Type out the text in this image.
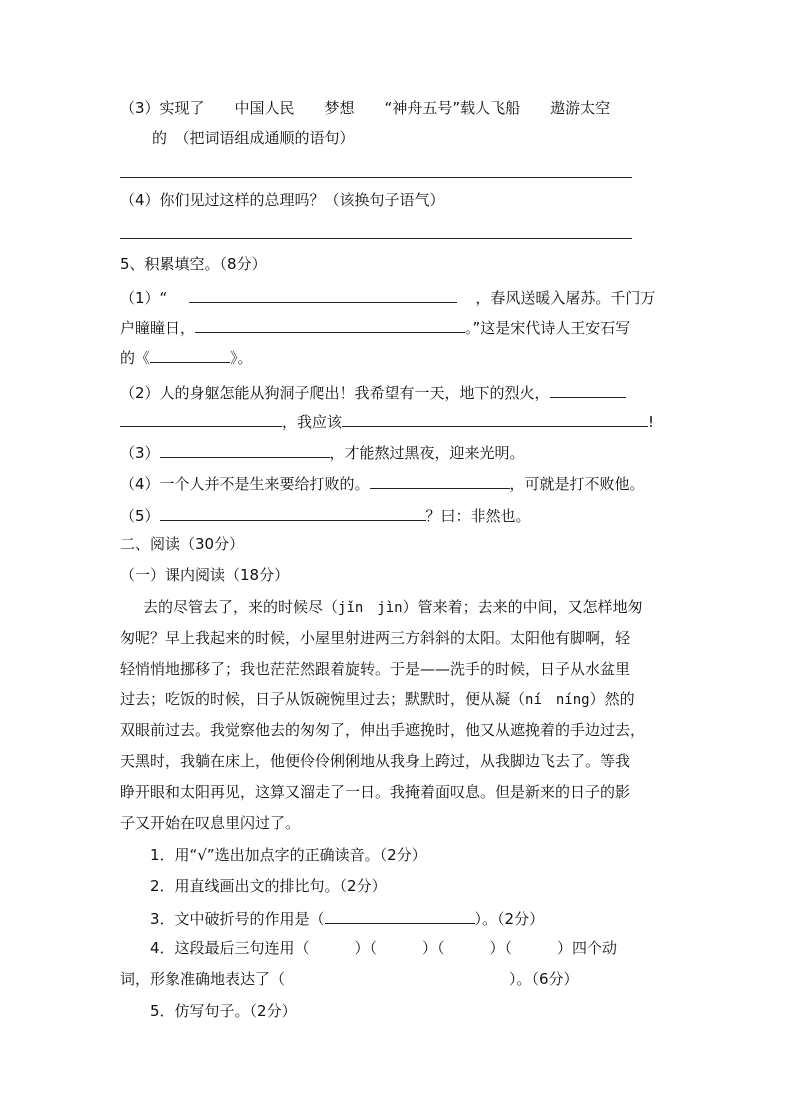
（3）实现了　　中国人民　　梦想　　“神舟五号”载人飞船　　遨游太空
的　（把词语组成通顺的语句）
（4）你们见过这样的总理吗？（该换句子语气）
5、积累填空。（8分）
（1）“	，春风送暖入屠苏。千门万
户瞳瞳日，	。”这是宋代诗人王安石写
的《	》。
（2）人的身躯怎能从狗洞子爬出！我希望有一天，地下的烈火，
，我应该	!
（3）	，才能熬过黑夜，迎来光明。
（4）一个人并不是生来要给打败的。	，可就是打不败他。
（5）	？曰：非然也。
二、阅读（30分）
（一）课内阅读（18分）
去的尽管去了，来的时候尽（jǐn　jìn）管来着；去来的中间，又怎样地匆
匆呢？早上我起来的时候，小屋里射进两三方斜斜的太阳。太阳他有脚啊，轻
轻悄悄地挪移了；我也茫茫然跟着旋转。于是——洗手的时候，日子从水盆里
过去；吃饭的时候，日子从饭碗惋里过去；默默时，便从凝（ní　níng）然的
双眼前过去。我觉察他去的匆匆了，伸出手遮挽时，他又从遮挽着的手边过去，
天黑时，我躺在床上，他便伶伶俐俐地从我身上跨过，从我脚边飞去了。等我
睁开眼和太阳再见，这算又溜走了一日。我掩着面叹息。但是新来的日子的影
子又开始在叹息里闪过了。
1．用“√”选出加点字的正确读音。（2分）
2．用直线画出文的排比句。（2分）
3．文中破折号的作用是（	）。（2分）
4．这段最后三句连用（　　　）（　　　）（　　　）（　　　）四个动
词，形象准确地表达了（	）。（6分）
5．仿写句子。（2分）
